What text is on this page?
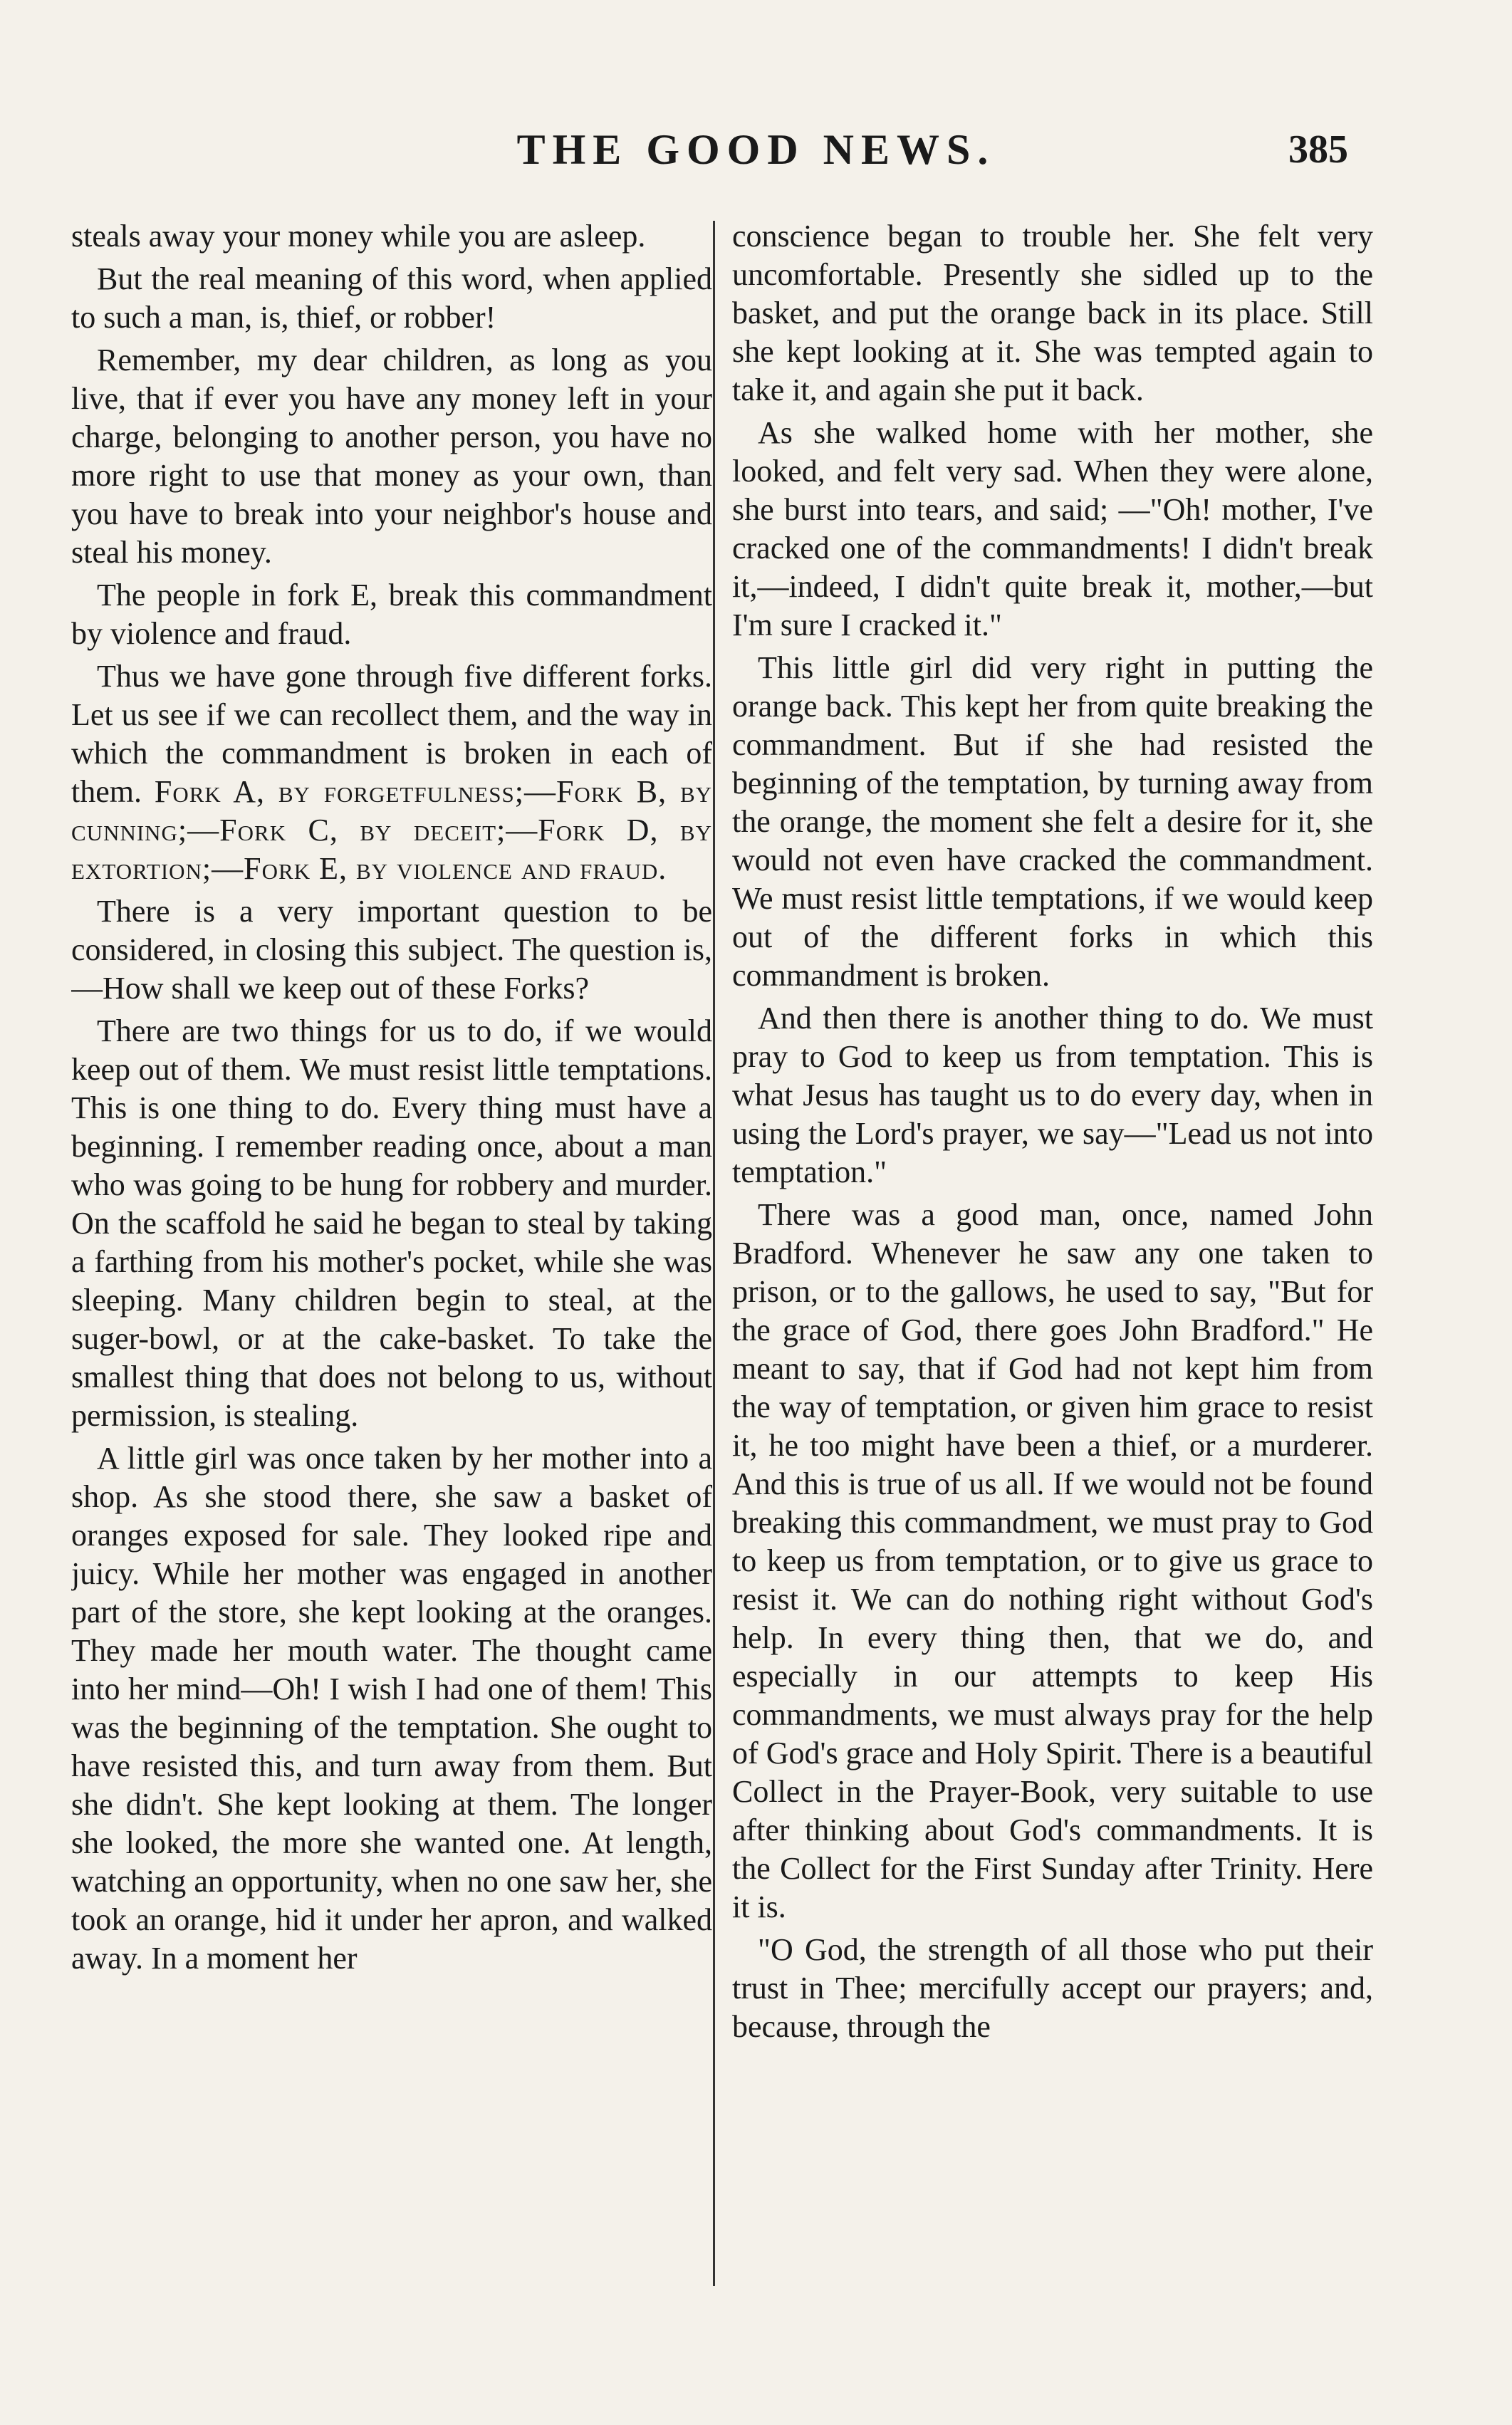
THE GOOD NEWS.	385

steals away your money while you are asleep.

But the real meaning of this word, when applied to such a man, is, thief, or robber!

Remember, my dear children, as long as you live, that if ever you have any money left in your charge, belonging to another person, you have no more right to use that money as your own, than you have to break into your neighbor's house and steal his money.

The people in fork E, break this commandment by violence and fraud.

Thus we have gone through five different forks. Let us see if we can recollect them, and the way in which the commandment is broken in each of them. Fork A, by forgetfulness;—Fork B, by cunning;—Fork C, by deceit;—Fork D, by extortion;—Fork E, by violence and fraud.

There is a very important question to be considered, in closing this subject. The question is,—How shall we keep out of these Forks?

There are two things for us to do, if we would keep out of them. We must resist little temptations. This is one thing to do. Every thing must have a beginning. I remember reading once, about a man who was going to be hung for robbery and murder. On the scaffold he said he began to steal by taking a farthing from his mother's pocket, while she was sleeping. Many children begin to steal, at the suger-bowl, or at the cake-basket. To take the smallest thing that does not belong to us, without permission, is stealing.

A little girl was once taken by her mother into a shop. As she stood there, she saw a basket of oranges exposed for sale. They looked ripe and juicy. While her mother was engaged in another part of the store, she kept looking at the oranges. They made her mouth water. The thought came into her mind—Oh! I wish I had one of them! This was the beginning of the temptation. She ought to have resisted this, and turn away from them. But she didn't. She kept looking at them. The longer she looked, the more she wanted one. At length, watching an opportunity, when no one saw her, she took an orange, hid it under her apron, and walked away. In a moment her

conscience began to trouble her. She felt very uncomfortable. Presently she sidled up to the basket, and put the orange back in its place. Still she kept looking at it. She was tempted again to take it, and again she put it back.

As she walked home with her mother, she looked, and felt very sad. When they were alone, she burst into tears, and said; —"Oh! mother, I've cracked one of the commandments! I didn't break it,—indeed, I didn't quite break it, mother,—but I'm sure I cracked it."

This little girl did very right in putting the orange back. This kept her from quite breaking the commandment. But if she had resisted the beginning of the temptation, by turning away from the orange, the moment she felt a desire for it, she would not even have cracked the commandment. We must resist little temptations, if we would keep out of the different forks in which this commandment is broken.

And then there is another thing to do. We must pray to God to keep us from temptation. This is what Jesus has taught us to do every day, when in using the Lord's prayer, we say—"Lead us not into temptation."

There was a good man, once, named John Bradford. Whenever he saw any one taken to prison, or to the gallows, he used to say, "But for the grace of God, there goes John Bradford." He meant to say, that if God had not kept him from the way of temptation, or given him grace to resist it, he too might have been a thief, or a murderer. And this is true of us all. If we would not be found breaking this commandment, we must pray to God to keep us from temptation, or to give us grace to resist it. We can do nothing right without God's help. In every thing then, that we do, and especially in our attempts to keep His commandments, we must always pray for the help of God's grace and Holy Spirit. There is a beautiful Collect in the Prayer-Book, very suitable to use after thinking about God's commandments. It is the Collect for the First Sunday after Trinity. Here it is.

"O God, the strength of all those who put their trust in Thee; mercifully accept our prayers; and, because, through the
